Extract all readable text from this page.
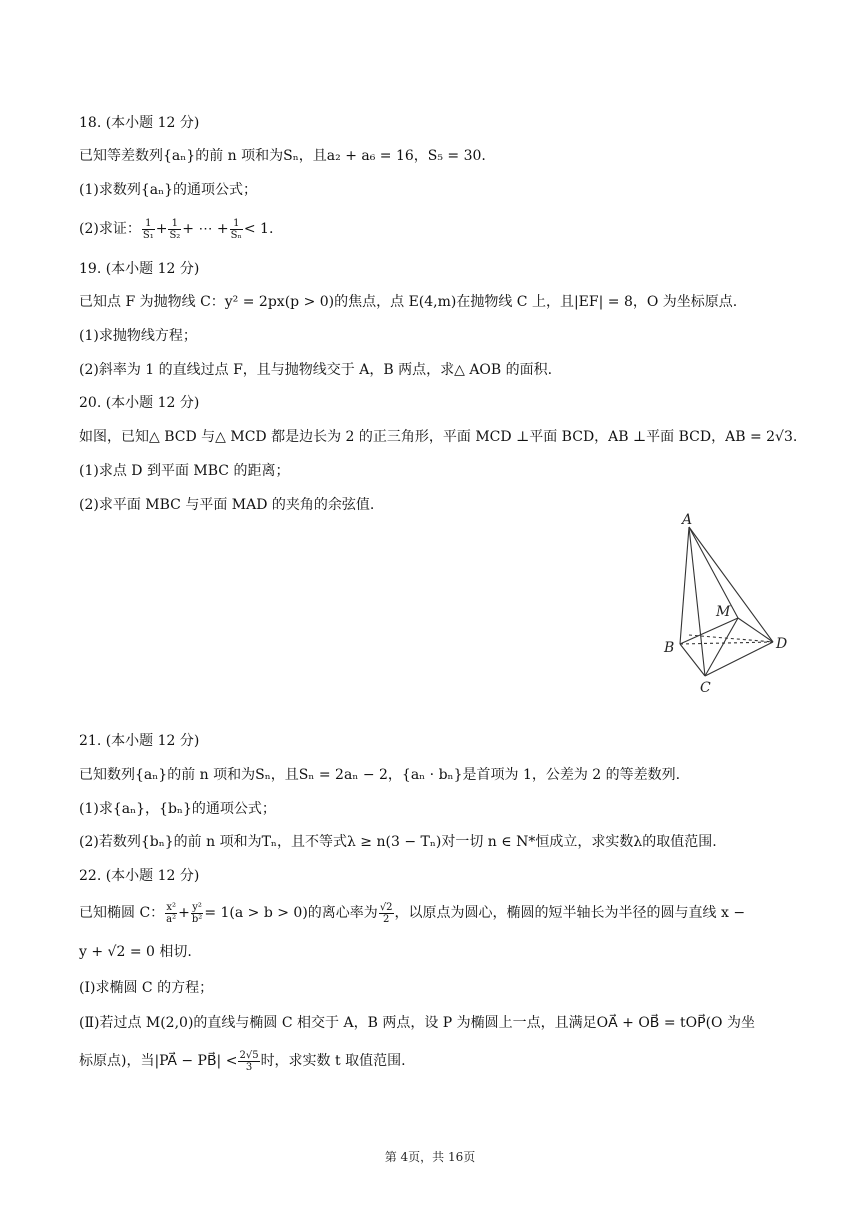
18. (本小题 12 分)
已知等差数列{aₙ}的前 n 项和为Sₙ，且a₂ + a₆ = 16，S₅ = 30.
(1)求数列{aₙ}的通项公式；
(2)求证： $\frac{1}{\text{S₁}} + \frac{1}{\text{S₂}}$ + ⋯ + $\frac{1}{\text{Sₙ}} < 1$.
19. (本小题 12 分)
已知点 F 为抛物线 C：y² = 2px(p > 0)的焦点，点 E(4,m)在抛物线 C 上，且|EF| = 8，O 为坐标原点.
(1)求抛物线方程；
(2)斜率为 1 的直线过点 F，且与抛物线交于 A，B 两点，求△ AOB 的面积.
20. (本小题 12 分)
如图，已知△ BCD 与△ MCD 都是边长为 2 的正三角形，平面 MCD ⊥平面 BCD，AB ⊥平面 BCD，AB = 2√3.
(1)求点 D 到平面 MBC 的距离；
(2)求平面 MBC 与平面 MAD 的夹角的余弦值.
A
M
B	D
C
21. (本小题 12 分)
已知数列{aₙ}的前 n 项和为Sₙ，且Sₙ = 2aₙ − 2，{aₙ · bₙ}是首项为 1，公差为 2 的等差数列.
(1)求{aₙ}，{bₙ}的通项公式；
(2)若数列{bₙ}的前 n 项和为Tₙ，且不等式λ ≥ n(3 − Tₙ)对一切 n ∈ N*恒成立，求实数λ的取值范围.
22. (本小题 12 分)
已知椭圆 C： $\frac{\text{x²}}{\text{a²}} + \frac{\text{y²}}{\text{b²}} = 1(a > b > 0)$的离心率为 $\frac{√2}{2}$ ，以原点为圆心，椭圆的短半轴长为半径的圆与直线 x −
y + √2 = 0 相切.
(Ⅰ)求椭圆 C 的方程；
(Ⅱ)若过点 M(2,0)的直线与椭圆 C 相交于 A，B 两点，设 P 为椭圆上一点，且满足OA⃗ + OB⃗ = tOP⃗(O 为坐
标原点)，当|PA⃗ − PB⃗| < $\frac{2√5}{3}$ 时，求实数 t 取值范围.
第 4页，共 16页
